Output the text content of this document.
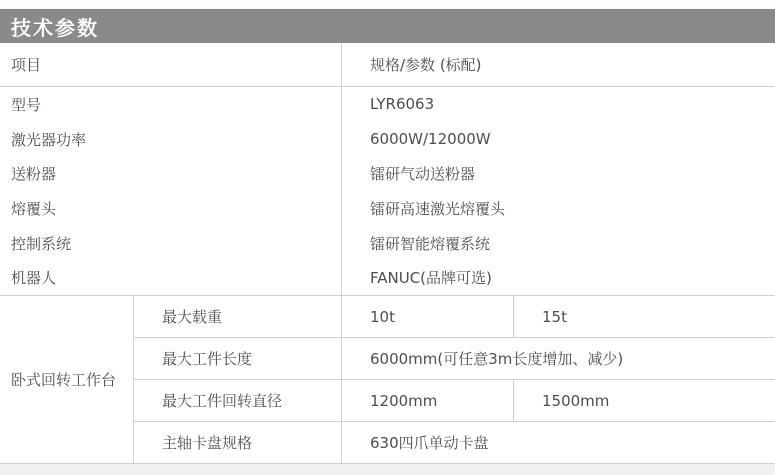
技术参数
项目	规格/参数 (标配)
型号	LYR6063
激光器功率	6000W/12000W
送粉器	镭研气动送粉器
熔覆头	镭研高速激光熔覆头
控制系统	镭研智能熔覆系统
机器人	FANUC(品牌可选)
卧式回转工作台
最大载重	10t	15t
最大工件长度	6000mm(可任意3m长度增加、减少)
最大工件回转直径	1200mm	1500mm
主轴卡盘规格	630四爪单动卡盘
